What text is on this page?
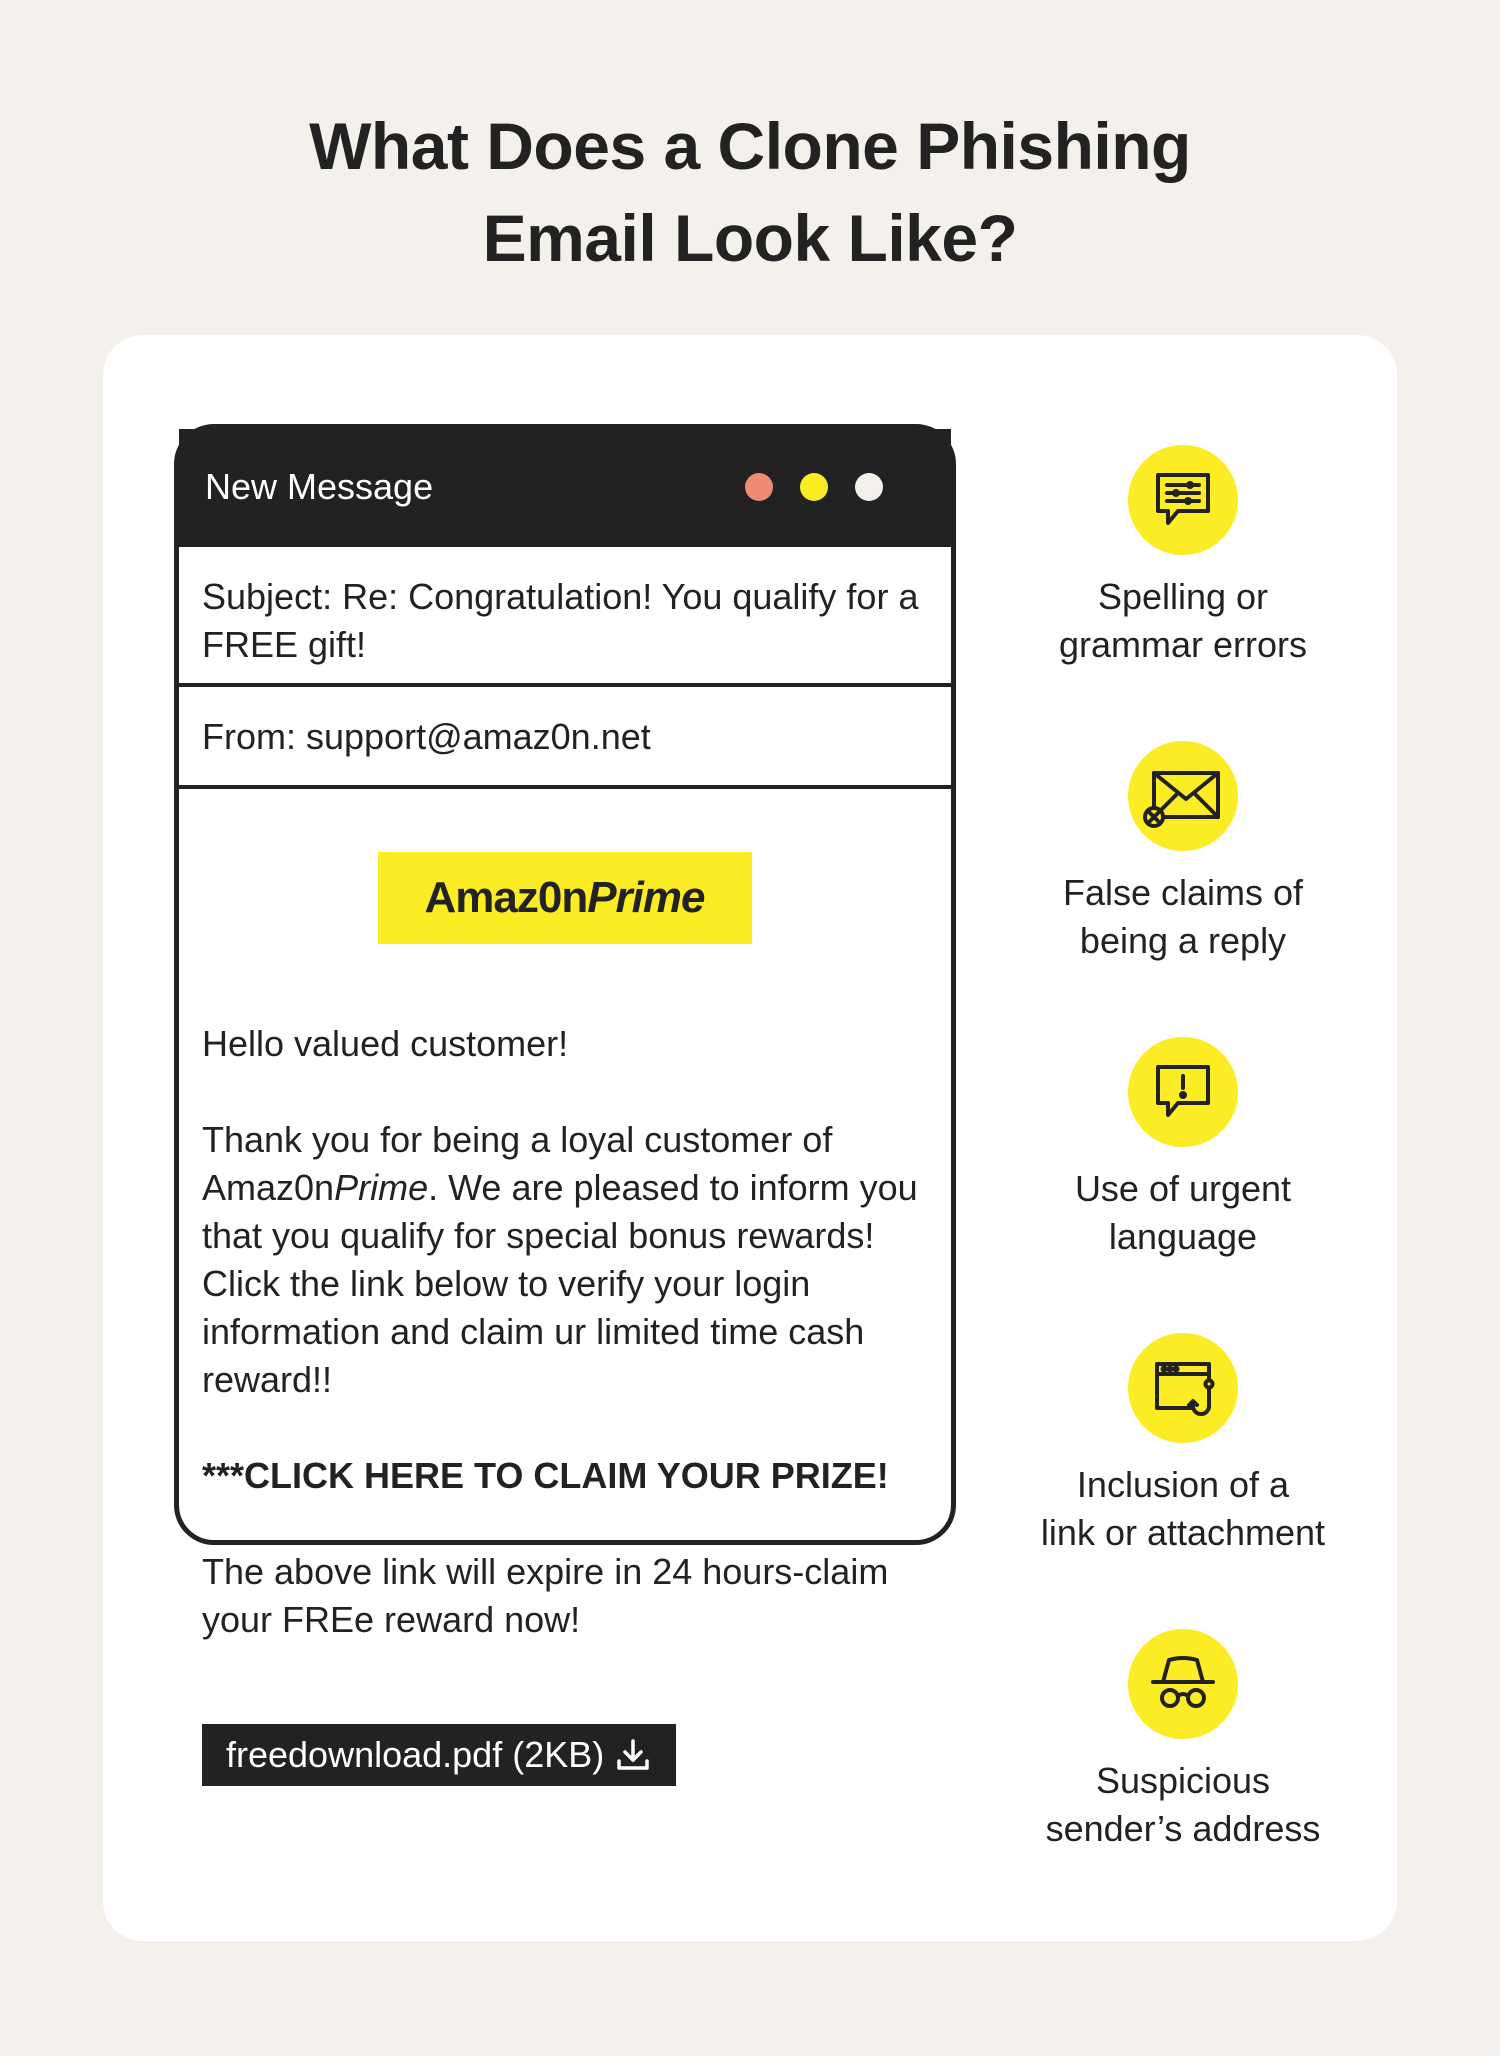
What Does a Clone Phishing
Email Look Like?
New Message
Subject: Re: Congratulation! You qualify for a FREE gift!
From: support@amaz0n.net
Amaz0n Prime

Hello valued customer!

Thank you for being a loyal customer of Amaz0nPrime. We are pleased to inform you that you qualify for special bonus rewards! Click the link below to verify your login information and claim ur limited time cash reward!!

***CLICK HERE TO CLAIM YOUR PRIZE!

The above link will expire in 24 hours-claim your FREe reward now!

freedownload.pdf (2KB)
Spelling or
grammar errors
False claims of
being a reply
Use of urgent
language
Inclusion of a
link or attachment
Suspicious
sender’s address
